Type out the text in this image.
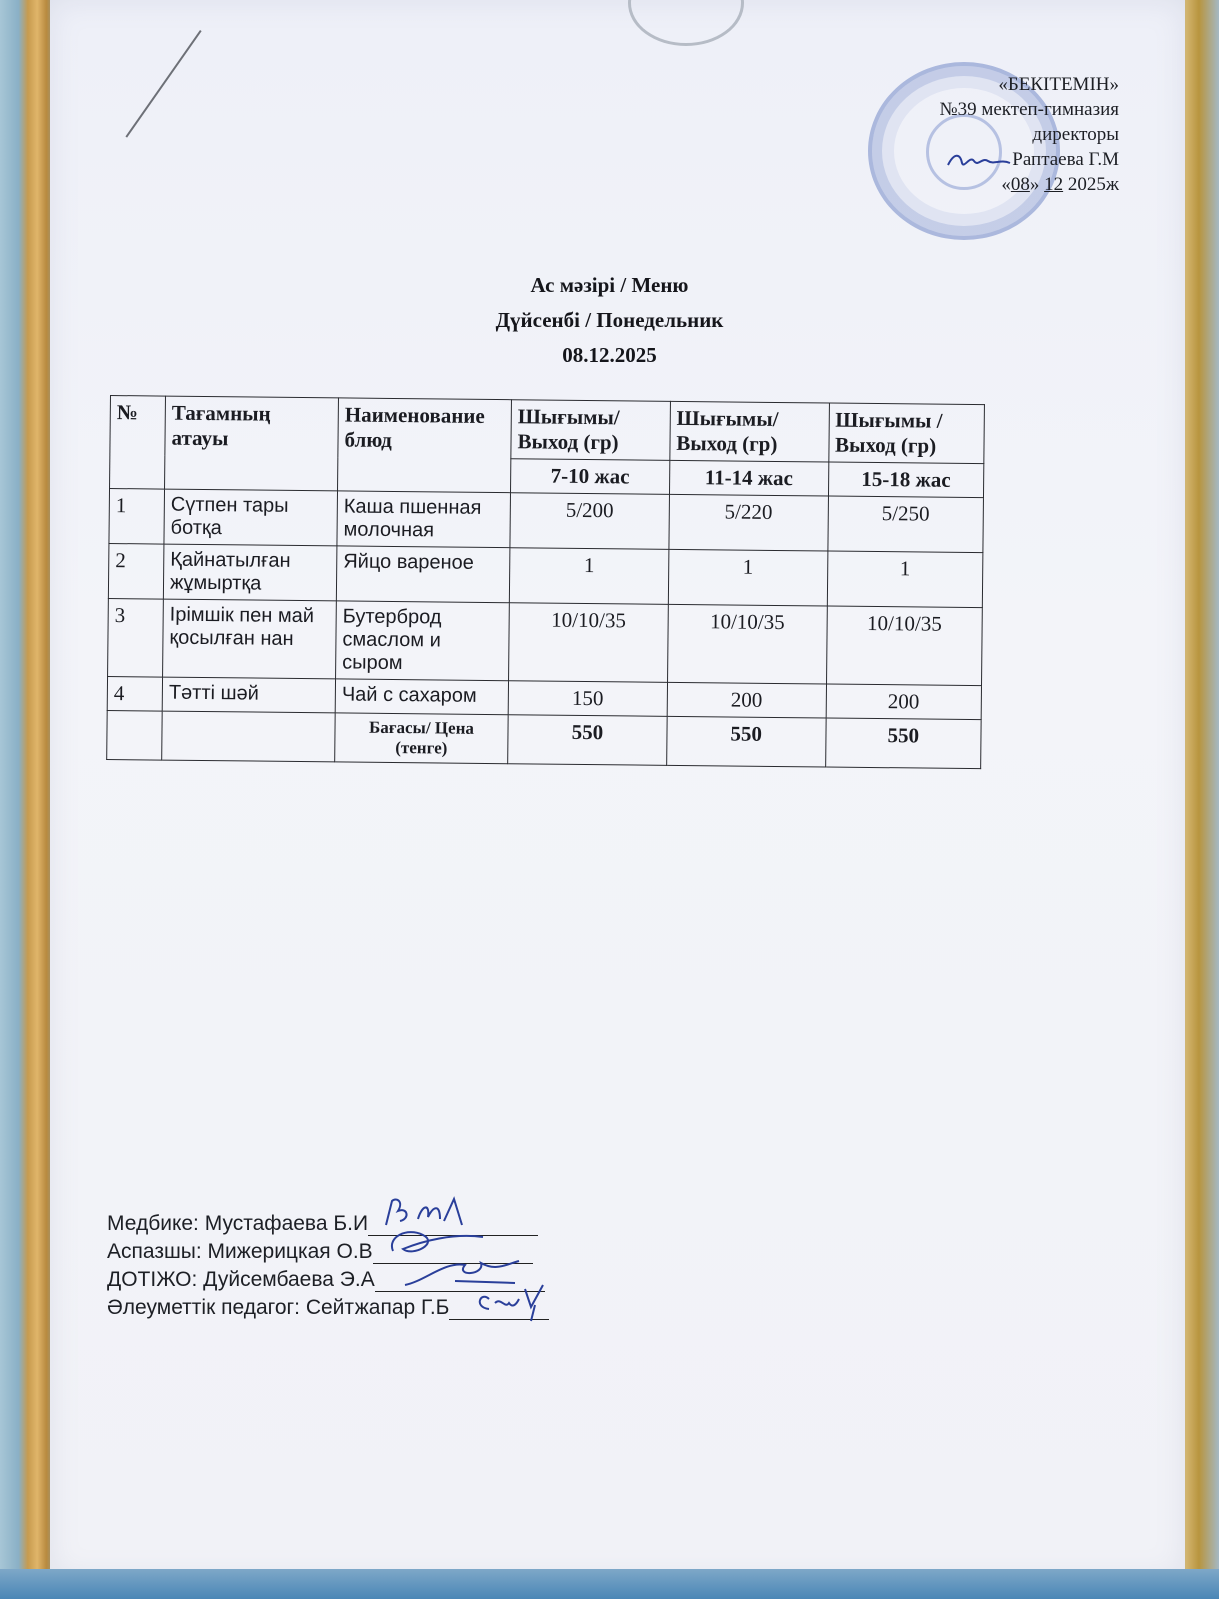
«БЕКІТЕМІН»
№39 мектеп-гимназия
директоры
Раптаева Г.М
«08» 12 2025ж
Ас мәзірі / Меню
Дүйсенбі / Понедельник
08.12.2025
№	Тағамның атауы	Наименование блюд	Шығымы/ Выход (гр)	Шығымы/ Выход (гр)	Шығымы /Выход (гр)
			7-10 жас	11-14 жас	15-18 жас
1	Сүтпен тары ботқа	Каша пшенная молочная	5/200	5/220	5/250
2	Қайнатылған жұмыртқа	Яйцо вареное	1	1	1
3	Ірімшік пен май қосылған нан	Бутерброд смаслом и сыром	10/10/35	10/10/35	10/10/35
4	Тәтті шәй	Чай с сахаром	150	200	200
		Бағасы/ Цена (тенге)	550	550	550
Медбике: Мустафаева Б.И
Аспазшы: Мижерицкая О.В
ДОТІЖО: Дуйсембаева Э.А
Әлеуметтік педагог: Сейтжапар Г.Б
